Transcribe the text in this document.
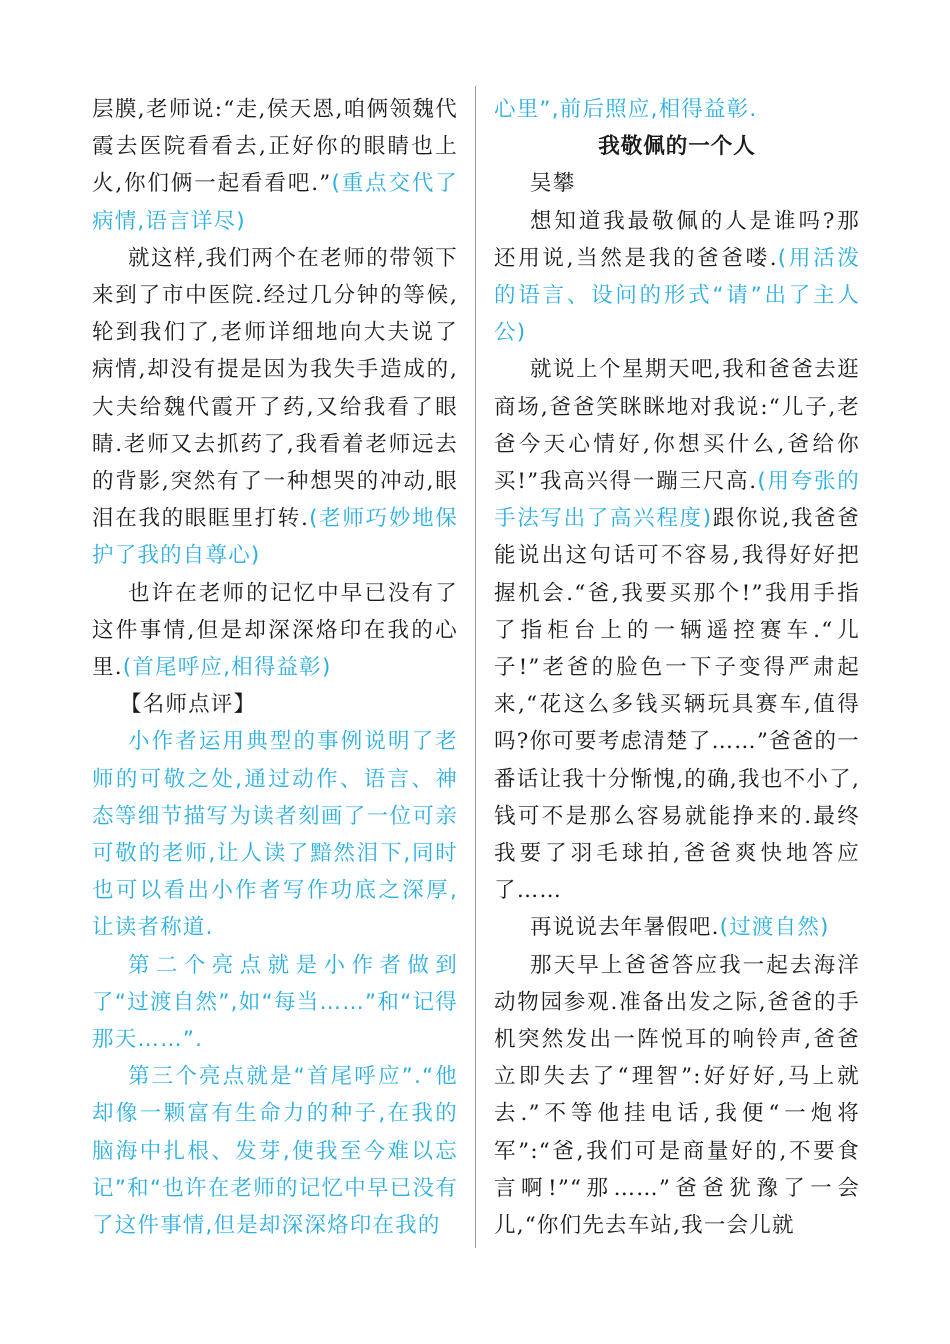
层膜,老师说:“走,侯天恩,咱俩领魏代霞去医院看看去,正好你的眼睛也上火,你们俩一起看看吧.”(重点交代了病情,语言详尽)

就这样,我们两个在老师的带领下来到了市中医院.经过几分钟的等候,轮到我们了,老师详细地向大夫说了病情,却没有提是因为我失手造成的,大夫给魏代霞开了药,又给我看了眼睛.老师又去抓药了,我看着老师远去的背影,突然有了一种想哭的冲动,眼泪在我的眼眶里打转.(老师巧妙地保护了我的自尊心)

也许在老师的记忆中早已没有了这件事情,但是却深深烙印在我的心里.(首尾呼应,相得益彰)

【名师点评】

小作者运用典型的事例说明了老师的可敬之处,通过动作、语言、神态等细节描写为读者刻画了一位可亲可敬的老师,让人读了黯然泪下,同时也可以看出小作者写作功底之深厚,让读者称道.

第二个亮点就是小作者做到了“过渡自然”,如“每当……”和“记得那天……”.

第三个亮点就是“首尾呼应”.“他却像一颗富有生命力的种子,在我的脑海中扎根、发芽,使我至今难以忘记”和“也许在老师的记忆中早已没有了这件事情,但是却深深烙印在我的

心里”,前后照应,相得益彰.

我敬佩的一个人

吴攀

想知道我最敬佩的人是谁吗?那还用说,当然是我的爸爸喽.(用活泼的语言、设问的形式“请”出了主人公)

就说上个星期天吧,我和爸爸去逛商场,爸爸笑眯眯地对我说:“儿子,老爸今天心情好,你想买什么,爸给你买!”我高兴得一蹦三尺高.(用夸张的手法写出了高兴程度)跟你说,我爸爸能说出这句话可不容易,我得好好把握机会.“爸,我要买那个!”我用手指了指柜台上的一辆遥控赛车.“儿子!”老爸的脸色一下子变得严肃起来,“花这么多钱买辆玩具赛车,值得吗?你可要考虑清楚了……”爸爸的一番话让我十分惭愧,的确,我也不小了,钱可不是那么容易就能挣来的.最终我要了羽毛球拍,爸爸爽快地答应了……

再说说去年暑假吧.(过渡自然)

那天早上爸爸答应我一起去海洋动物园参观.准备出发之际,爸爸的手机突然发出一阵悦耳的响铃声,爸爸立即失去了“理智”:好好好,马上就去.”不等他挂电话,我便“一炮将军”:“爸,我们可是商量好的,不要食言啊!”“那……”爸爸犹豫了一会儿,“你们先去车站,我一会儿就
